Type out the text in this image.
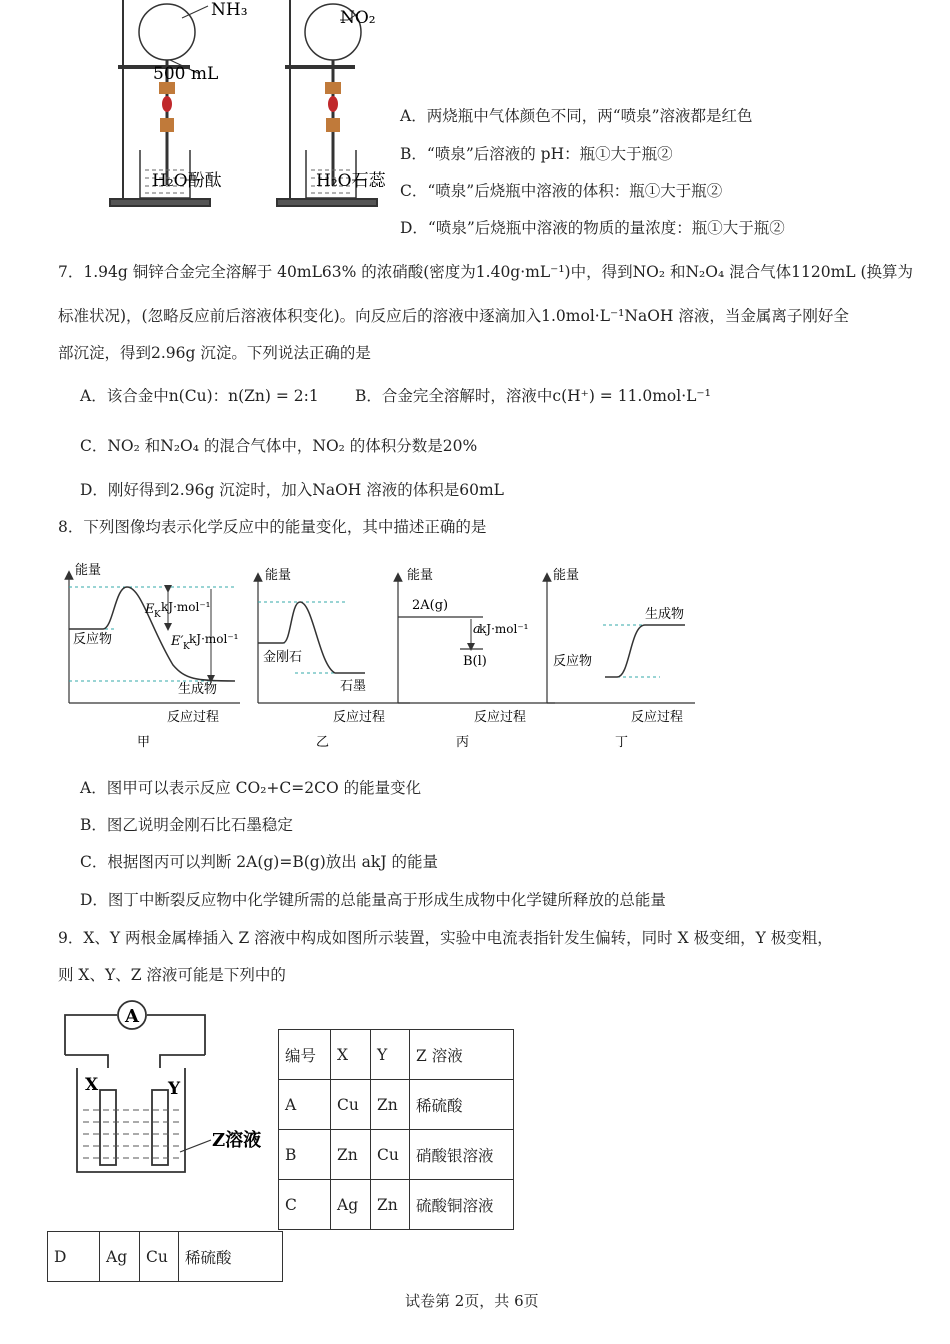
NH₃
500 mL
H₂O酚酞
NO₂
H₂O石蕊
A．两烧瓶中气体颜色不同，两“喷泉”溶液都是红色
B．“喷泉”后溶液的 pH：瓶①大于瓶②
C．“喷泉”后烧瓶中溶液的体积：瓶①大于瓶②
D．“喷泉”后烧瓶中溶液的物质的量浓度：瓶①大于瓶②
7．1.94g 铜锌合金完全溶解于 40mL63% 的浓硝酸(密度为1.40g·mL⁻¹)中，得到NO₂ 和N₂O₄ 混合气体1120mL (换算为
标准状况)，(忽略反应前后溶液体积变化)。向反应后的溶液中逐滴加入1.0mol·L⁻¹NaOH 溶液，当金属离子刚好全
部沉淀，得到2.96g 沉淀。下列说法正确的是
A．该合金中n(Cu)：n(Zn) = 2:1 B．合金完全溶解时，溶液中c(H⁺) = 11.0mol·L⁻¹
C．NO₂ 和N₂O₄ 的混合气体中，NO₂ 的体积分数是20%
D．刚好得到2.96g 沉淀时，加入NaOH 溶液的体积是60mL
8．下列图像均表示化学反应中的能量变化，其中描述正确的是
能量
E K
kJ·mol⁻¹
E′ K
kJ·mol⁻¹
反应物
生成物
反应过程
甲
能量
金刚石
石墨
反应过程
乙
能量
2A(g)
B(l)
a
kJ·mol⁻¹
反应过程
丙
能量
反应物
生成物
反应过程
丁
A．图甲可以表示反应 CO₂+C=2CO 的能量变化
B．图乙说明金刚石比石墨稳定
C．根据图丙可以判断 2A(g)=B(g)放出 akJ 的能量
D．图丁中断裂反应物中化学键所需的总能量高于形成生成物中化学键所释放的总能量
9．X、Y 两根金属棒插入 Z 溶液中构成如图所示装置，实验中电流表指针发生偏转，同时 X 极变细，Y 极变粗，
则 X、Y、Z 溶液可能是下列中的
A
X	Y
Z溶液
编号	X	Y	Z 溶液
A	Cu	Zn	稀硫酸
B	Zn	Cu	硝酸银溶液
C	Ag	Zn	硫酸铜溶液
D	Ag	Cu	稀硫酸
试卷第 2页，共 6页
